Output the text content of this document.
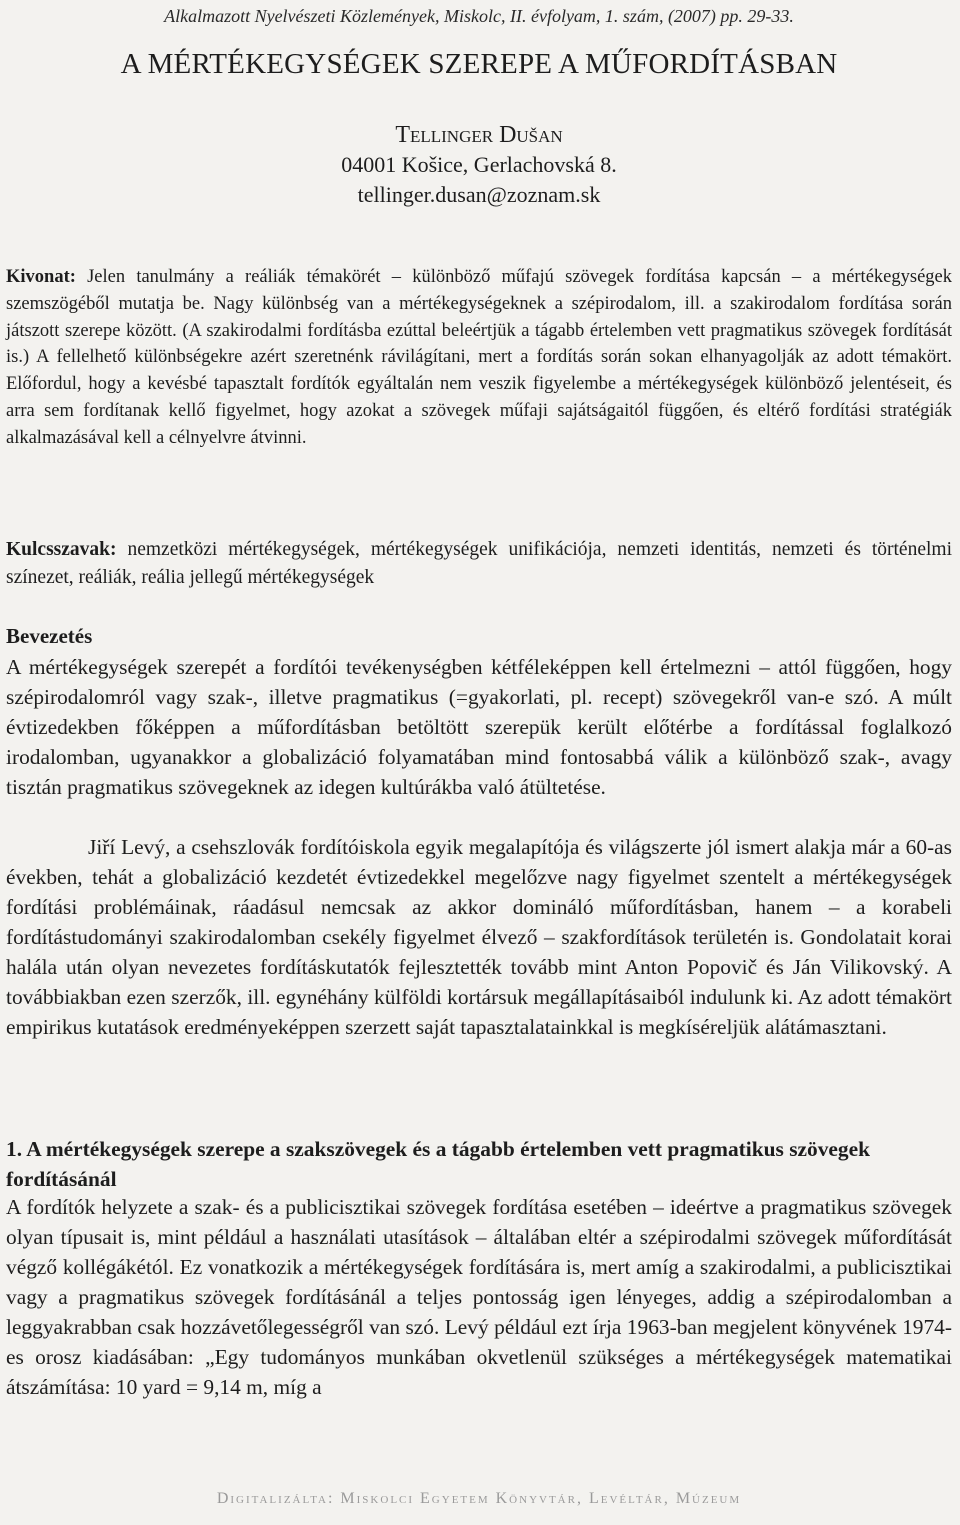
Alkalmazott Nyelvészeti Közlemények, Miskolc, II. évfolyam, 1. szám, (2007) pp. 29-33.
A MÉRTÉKEGYSÉGEK SZEREPE A MŰFORDÍTÁSBAN
Tellinger Dušan
04001 Košice, Gerlachovská 8.
tellinger.dusan@zoznam.sk

Kivonat: Jelen tanulmány a reáliák témakörét – különböző műfajú szövegek fordítása kapcsán – a mértékegységek szemszögéből mutatja be. Nagy különbség van a mértékegységeknek a szépirodalom, ill. a szakirodalom fordítása során játszott szerepe között. (A szakirodalmi fordításba ezúttal beleértjük a tágabb értelemben vett pragmatikus szövegek fordítását is.) A fellelhető különbségekre azért szeretnénk rávilágítani, mert a fordítás során sokan elhanyagolják az adott témakört. Előfordul, hogy a kevésbé tapasztalt fordítók egyáltalán nem veszik figyelembe a mértékegységek különböző jelentéseit, és arra sem fordítanak kellő figyelmet, hogy azokat a szövegek műfaji sajátságaitól függően, és eltérő fordítási stratégiák alkalmazásával kell a célnyelvre átvinni.

Kulcsszavak: nemzetközi mértékegységek, mértékegységek unifikációja, nemzeti identitás, nemzeti és történelmi színezet, reáliák, reália jellegű mértékegységek

Bevezetés

A mértékegységek szerepét a fordítói tevékenységben kétféleképpen kell értelmezni – attól függően, hogy szépirodalomról vagy szak-, illetve pragmatikus (=gyakorlati, pl. recept) szövegekről van-e szó. A múlt évtizedekben főképpen a műfordításban betöltött szerepük került előtérbe a fordítással foglalkozó irodalomban, ugyanakkor a globalizáció folyamatában mind fontosabbá válik a különböző szak-, avagy tisztán pragmatikus szövegeknek az idegen kultúrákba való átültetése.

Jiří Levý, a csehszlovák fordítóiskola egyik megalapítója és világszerte jól ismert alakja már a 60-as években, tehát a globalizáció kezdetét évtizedekkel megelőzve nagy figyelmet szentelt a mértékegységek fordítási problémáinak, ráadásul nemcsak az akkor domináló műfordításban, hanem – a korabeli fordítástudományi szakirodalomban csekély figyelmet élvező – szakfordítások területén is. Gondolatait korai halála után olyan nevezetes fordításkutatók fejlesztették tovább mint Anton Popovič és Ján Vilikovský. A továbbiakban ezen szerzők, ill. egynéhány külföldi kortársuk megállapításaiból indulunk ki. Az adott témakört empirikus kutatások eredményeképpen szerzett saját tapasztalatainkkal is megkíséreljük alátámasztani.

1. A mértékegységek szerepe a szakszövegek és a tágabb értelemben vett pragmatikus szövegek fordításánál

A fordítók helyzete a szak- és a publicisztikai szövegek fordítása esetében – ideértve a pragmatikus szövegek olyan típusait is, mint például a használati utasítások – általában eltér a szépirodalmi szövegek műfordítását végző kollégákétól. Ez vonatkozik a mértékegységek fordítására is, mert amíg a szakirodalmi, a publicisztikai vagy a pragmatikus szövegek fordításánál a teljes pontosság igen lényeges, addig a szépirodalomban a leggyakrabban csak hozzávetőlegességről van szó. Levý például ezt írja 1963-ban megjelent könyvének 1974-es orosz kiadásában: „Egy tudományos munkában okvetlenül szükséges a mértékegységek matematikai átszámítása: 10 yard = 9,14 m, míg a

Digitalizálta: Miskolci Egyetem Könyvtár, Levéltár, Múzeum
